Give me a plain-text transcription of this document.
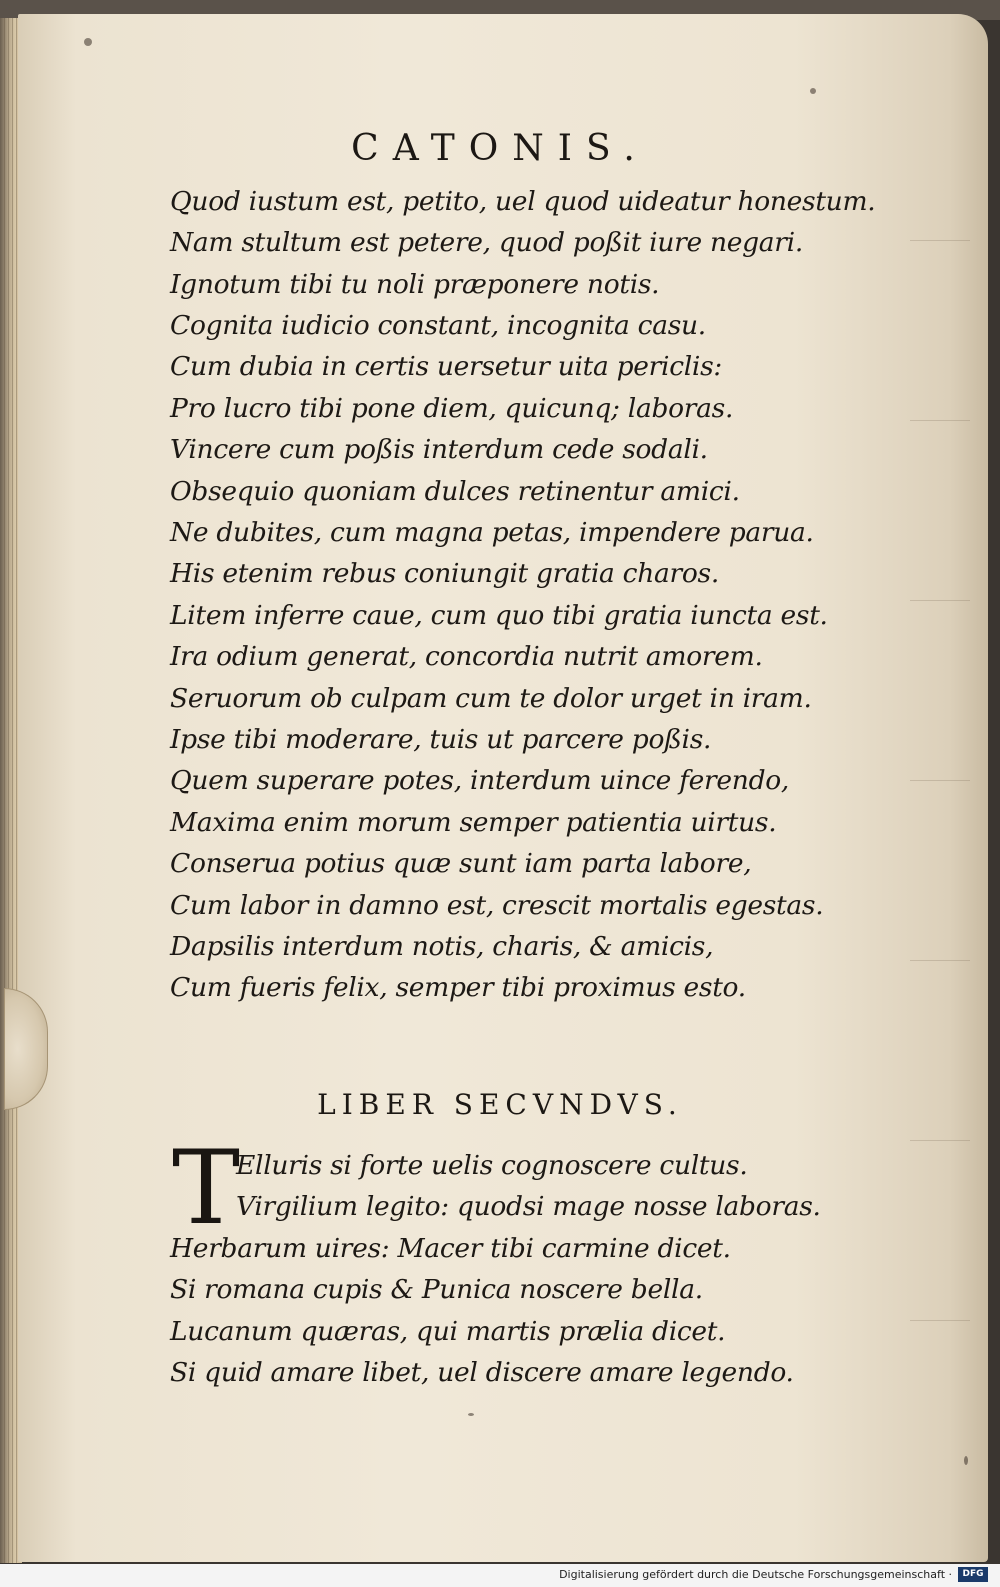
CATONIS.
Quod iustum est, petito, uel quod uideatur honestum.
Nam stultum est petere, quod poßit iure negari.
Ignotum tibi tu noli præponere notis.
Cognita iudicio constant, incognita casu.
Cum dubia in certis uersetur uita periclis:
Pro lucro tibi pone diem, quicunq; laboras.
Vincere cum poßis interdum cede sodali.
Obsequio quoniam dulces retinentur amici.
Ne dubites, cum magna petas, impendere parua.
His etenim rebus coniungit gratia charos.
Litem inferre caue, cum quo tibi gratia iuncta est.
Ira odium generat, concordia nutrit amorem.
Seruorum ob culpam cum te dolor urget in iram.
Ipse tibi moderare, tuis ut parcere poßis.
Quem superare potes, interdum uince ferendo,
Maxima enim morum semper patientia uirtus.
Conserua potius quæ sunt iam parta labore,
Cum labor in damno est, crescit mortalis egestas.
Dapsilis interdum notis, charis, & amicis,
Cum fueris felix, semper tibi proximus esto.
LIBER SECVNDVS.
T
Elluris si forte uelis cognoscere cultus.
Virgilium legito: quodsi mage nosse laboras.
Herbarum uires: Macer tibi carmine dicet.
Si romana cupis & Punica noscere bella.
Lucanum quæras, qui martis prælia dicet.
Si quid amare libet, uel discere amare legendo.
Digitalisierung gefördert durch die Deutsche Forschungsgemeinschaft ·	DFG
